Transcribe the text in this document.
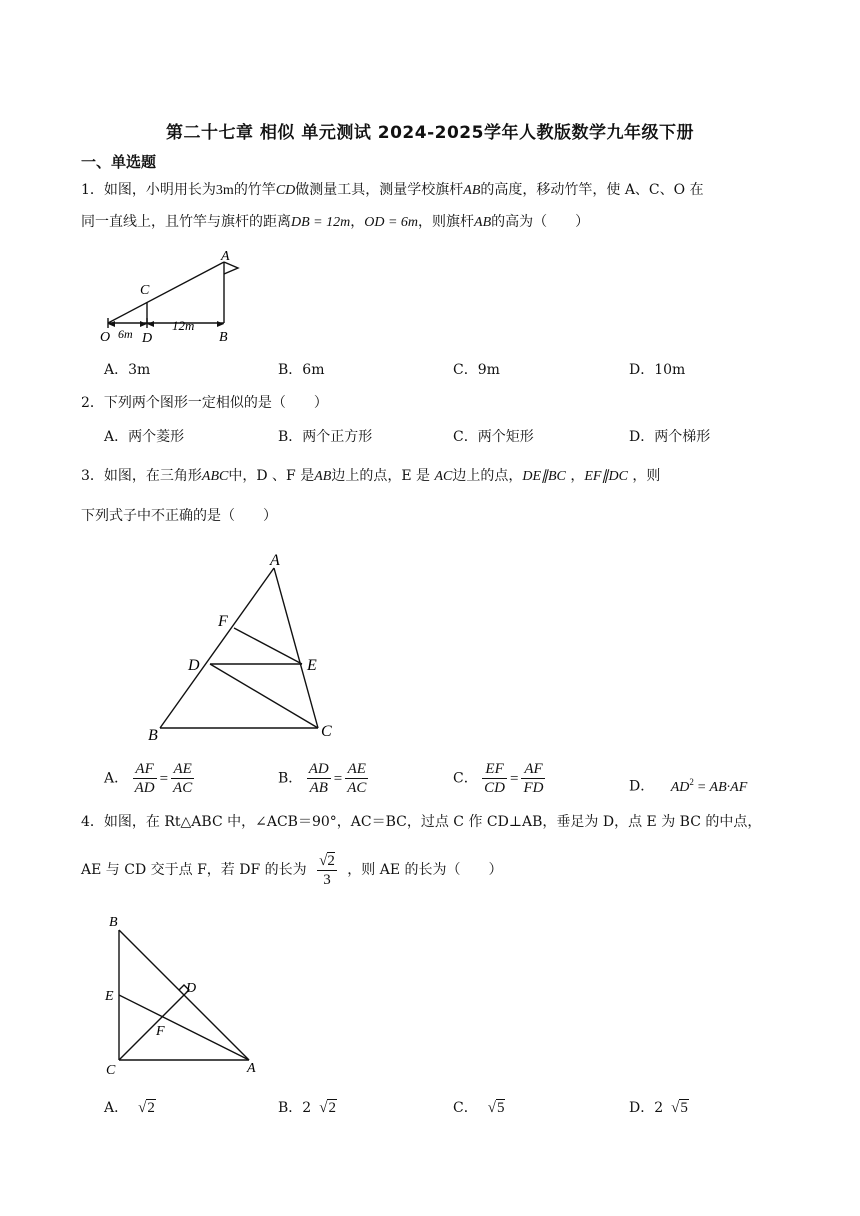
第二十七章 相似 单元测试 2024-2025学年人教版数学九年级下册
一、单选题
1．如图，小明用长为3m的竹竿CD做测量工具，测量学校旗杆AB的高度，移动竹竿，使 A、C、O 在
同一直线上，且竹竿与旗杆的距离DB = 12m，OD = 6m，则旗杆AB的高为（　　）
A
C
O D	B
6m
12m
A．3m	B．6m	C．9m	D．10m
2．下列两个图形一定相似的是（　　）
A．两个菱形	B．两个正方形	C．两个矩形	D．两个梯形
3．如图，在三角形ABC中，D 、F 是AB边上的点，E 是 AC边上的点，DE∥BC ，EF∥DC ，则
下列式子中不正确的是（　　）
A
F
D	E
B	C
A． $\frac{AF}{AD} = \frac{AE}{AC}$	B． $\frac{AD}{AB} = \frac{AE}{AC}$	C． $\frac{EF}{CD} = \frac{AF}{FD}$	D． $AD^2 = AB\cdot AF$
4．如图，在 Rt△ABC 中，∠ACB＝90°，AC＝BC，过点 C 作 CD⊥AB，垂足为 D，点 E 为 BC 的中点，
AE 与 CD 交于点 F，若 DF 的长为 $\frac{√2}{3}$ ，则 AE 的长为（　　）
B
E
D
F
C	A
A． √2	B．2 √2	C． √5	D．2 √5
